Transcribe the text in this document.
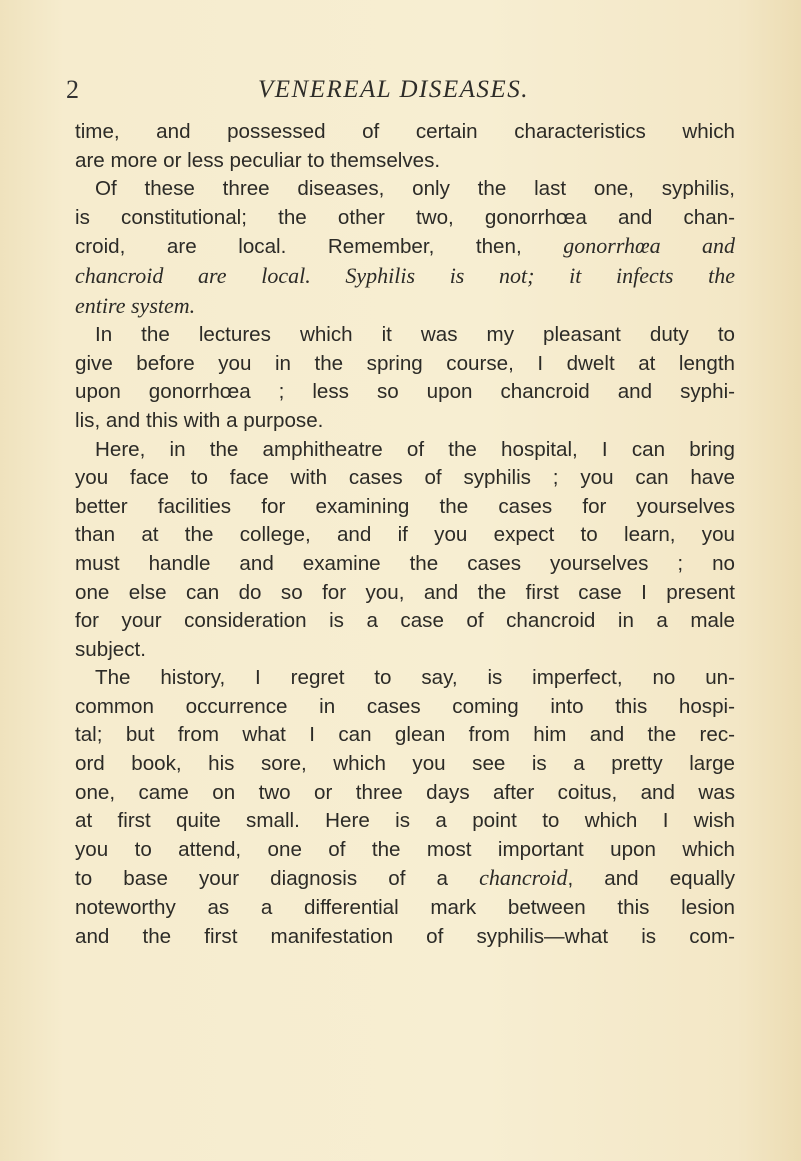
2	VENEREAL DISEASES.
time, and possessed of certain characteristics which
are more or less peculiar to themselves.
Of these three diseases, only the last one, syphilis,
is constitutional; the other two, gonorrhœa and chan-
croid, are local. Remember, then, gonorrhœa and
chancroid are local. Syphilis is not; it infects the
entire system.
In the lectures which it was my pleasant duty to
give before you in the spring course, I dwelt at length
upon gonorrhœa ; less so upon chancroid and syphi-
lis, and this with a purpose.
Here, in the amphitheatre of the hospital, I can bring
you face to face with cases of syphilis ; you can have
better facilities for examining the cases for yourselves
than at the college, and if you expect to learn, you
must handle and examine the cases yourselves ; no
one else can do so for you, and the first case I present
for your consideration is a case of chancroid in a male
subject.
The history, I regret to say, is imperfect, no un-
common occurrence in cases coming into this hospi-
tal; but from what I can glean from him and the rec-
ord book, his sore, which you see is a pretty large
one, came on two or three days after coitus, and was
at first quite small. Here is a point to which I wish
you to attend, one of the most important upon which
to base your diagnosis of a chancroid, and equally
noteworthy as a differential mark between this lesion
and the first manifestation of syphilis—what is com-
